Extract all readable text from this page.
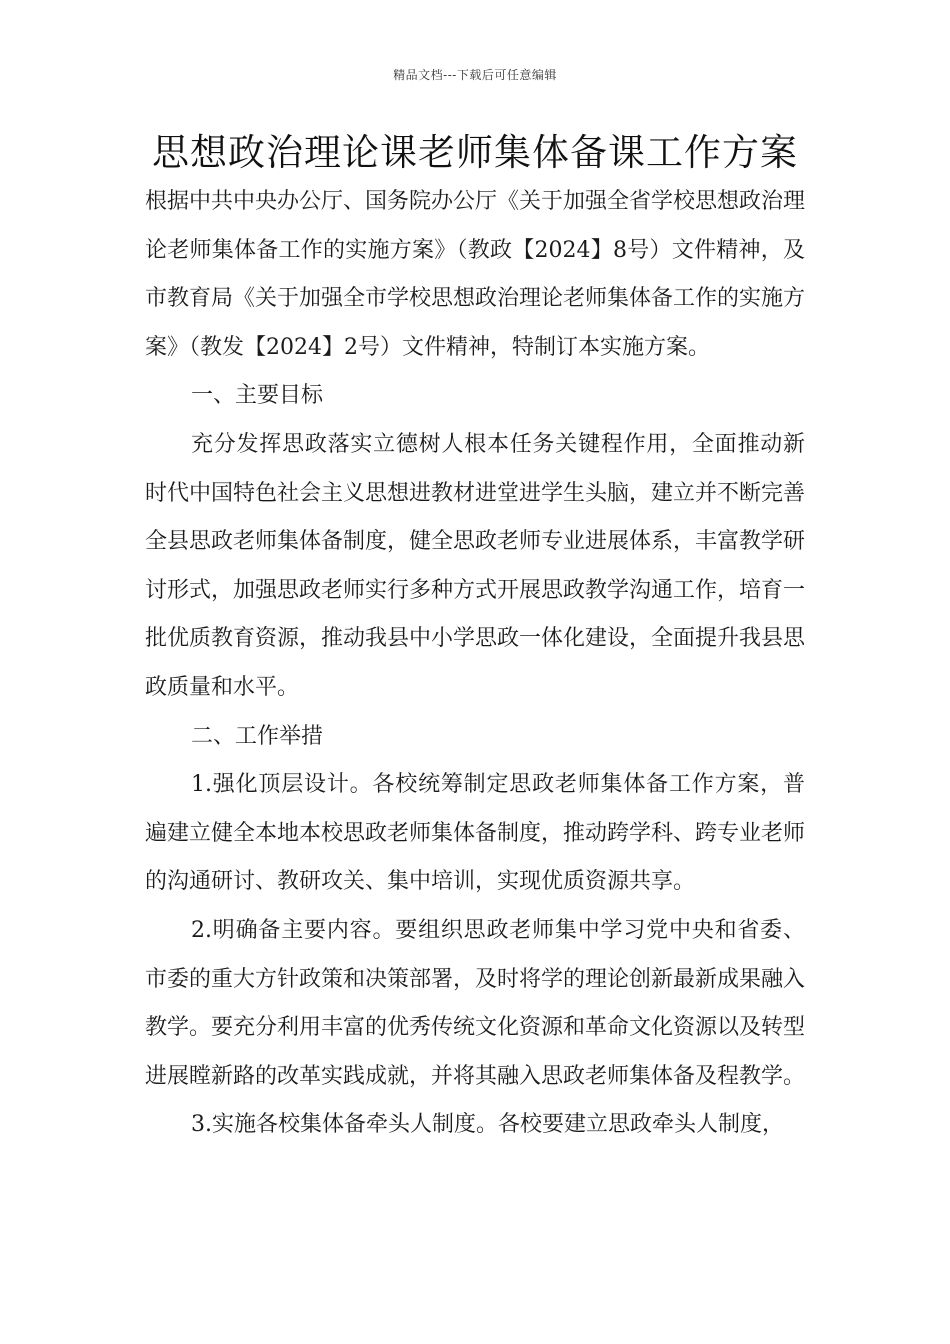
精品文档---下载后可任意编辑
思想政治理论课老师集体备课工作方案

根据中共中央办公厅、国务院办公厅《关于加强全省学校思想政治理论老师集体备工作的实施方案》（教政【2024】8号）文件精神，及市教育局《关于加强全市学校思想政治理论老师集体备工作的实施方案》（教发【2024】2号）文件精神，特制订本实施方案。

一、主要目标

充分发挥思政落实立德树人根本任务关键程作用，全面推动新时代中国特色社会主义思想进教材进堂进学生头脑，建立并不断完善全县思政老师集体备制度，健全思政老师专业进展体系，丰富教学研讨形式，加强思政老师实行多种方式开展思政教学沟通工作，培育一批优质教育资源，推动我县中小学思政一体化建设，全面提升我县思政质量和水平。

二、工作举措

1.强化顶层设计。各校统筹制定思政老师集体备工作方案，普遍建立健全本地本校思政老师集体备制度，推动跨学科、跨专业老师的沟通研讨、教研攻关、集中培训，实现优质资源共享。

2.明确备主要内容。要组织思政老师集中学习党中央和省委、市委的重大方针政策和决策部署，及时将学的理论创新最新成果融入教学。要充分利用丰富的优秀传统文化资源和革命文化资源以及转型进展瞠新路的改革实践成就，并将其融入思政老师集体备及程教学。

3.实施各校集体备牵头人制度。各校要建立思政牵头人制度，
